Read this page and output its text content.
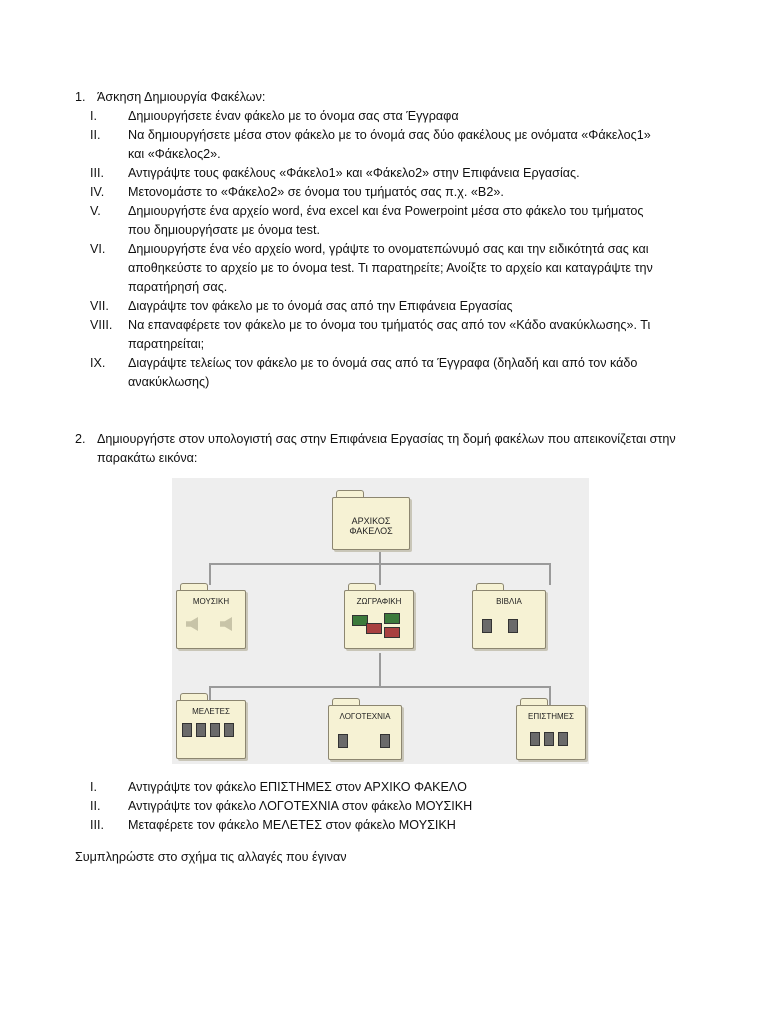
1. Άσκηση Δημιουργία Φακέλων:
I.	Δημιουργήσετε έναν φάκελο με το όνομα σας στα Έγγραφα
II.	Να δημιουργήσετε μέσα στον φάκελο με το όνομά σας δύο φακέλους με ονόματα «Φάκελος1» και «Φάκελος2».
III.	Αντιγράψτε τους φακέλους «Φάκελο1» και «Φάκελο2» στην Επιφάνεια Εργασίας.
IV.	Μετονομάστε το «Φάκελο2» σε όνομα του τμήματός σας π.χ. «Β2».
V.	Δημιουργήστε ένα αρχείο word, ένα excel και ένα Powerpoint μέσα στο φάκελο του τμήματος που δημιουργήσατε με όνομα test.
VI.	Δημιουργήστε ένα νέο αρχείο word, γράψτε το ονοματεπώνυμό σας και την ειδικότητά σας και αποθηκεύστε το αρχείο με το όνομα test. Τι παρατηρείτε; Ανοίξτε το αρχείο και καταγράψτε την παρατήρησή σας.
VII.	Διαγράψτε τον φάκελο με το όνομά σας από την Επιφάνεια Εργασίας
VIII.	Να επαναφέρετε τον φάκελο με το όνομα του τμήματός σας από τον «Κάδο ανακύκλωσης». Τι παρατηρείται;
IX.	Διαγράψτε τελείως τον φάκελο με το όνομά σας από τα Έγγραφα (δηλαδή και από τον κάδο ανακύκλωσης)
2. Δημιουργήστε στον υπολογιστή σας στην Επιφάνεια Εργασίας τη δομή φακέλων που απεικονίζεται στην παρακάτω εικόνα:
ΑΡΧΙΚΟΣ ΦΑΚΕΛΟΣ
ΜΟΥΣΙΚΗ	ΖΩΓΡΑΦΙΚΗ	ΒΙΒΛΙΑ
ΜΕΛΕΤΕΣ
ΛΟΓΟΤΕΧΝΙΑ	ΕΠΙΣΤΗΜΕΣ
I.	Αντιγράψτε τον φάκελο ΕΠΙΣΤΗΜΕΣ στον ΑΡΧΙΚΟ ΦΑΚΕΛΟ
II.	Αντιγράψτε τον φάκελο ΛΟΓΟΤΕΧΝΙΑ στον φάκελο ΜΟΥΣΙΚΗ
III.	Μεταφέρετε τον φάκελο ΜΕΛΕΤΕΣ στον φάκελο ΜΟΥΣΙΚΗ
Συμπληρώστε στο σχήμα τις αλλαγές που έγιναν
